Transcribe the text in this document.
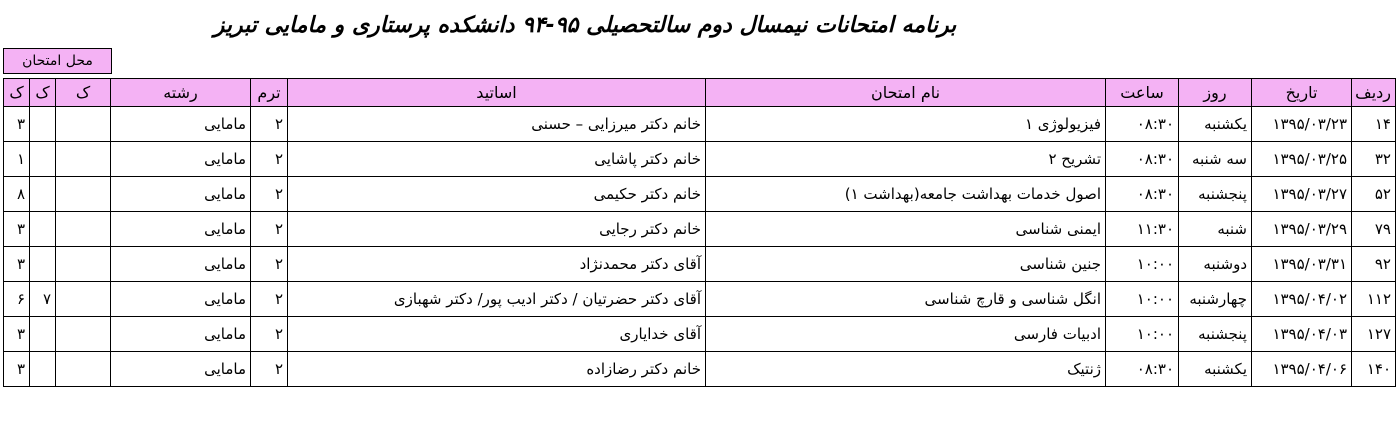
برنامه امتحانات نیمسال دوم سالتحصیلی ۹۵-۹۴ دانشکده پرستاری و مامایی تبریز
محل امتحان
ردیف	تاریخ	روز	ساعت	نام امتحان	اساتید	ترم	رشته	ک	ک	ک
۱۴	۱۳۹۵/۰۳/۲۳	یکشنبه	۰۸:۳۰	فیزیولوژی ۱	خانم دکتر میرزایی – حسنی	۲	مامایی			۳
۳۲	۱۳۹۵/۰۳/۲۵	سه شنبه	۰۸:۳۰	تشریح ۲	خانم دکتر پاشایی	۲	مامایی			۱
۵۲	۱۳۹۵/۰۳/۲۷	پنجشنبه	۰۸:۳۰	اصول خدمات بهداشت جامعه(بهداشت ۱)	خانم دکتر حکیمی	۲	مامایی			۸
۷۹	۱۳۹۵/۰۳/۲۹	شنبه	۱۱:۳۰	ایمنی شناسی	خانم دکتر رجایی	۲	مامایی			۳
۹۲	۱۳۹۵/۰۳/۳۱	دوشنبه	۱۰:۰۰	جنین شناسی	آقای دکتر محمدنژاد	۲	مامایی			۳
۱۱۲	۱۳۹۵/۰۴/۰۲	چهارشنبه	۱۰:۰۰	انگل شناسی و قارچ شناسی	آقای دکتر حضرتیان / دکتر ادیب پور/ دکتر شهبازی	۲	مامایی		۷	۶
۱۲۷	۱۳۹۵/۰۴/۰۳	پنجشنبه	۱۰:۰۰	ادبیات فارسی	آقای خدایاری	۲	مامایی			۳
۱۴۰	۱۳۹۵/۰۴/۰۶	یکشنبه	۰۸:۳۰	ژنتیک	خانم دکتر رضازاده	۲	مامایی			۳
